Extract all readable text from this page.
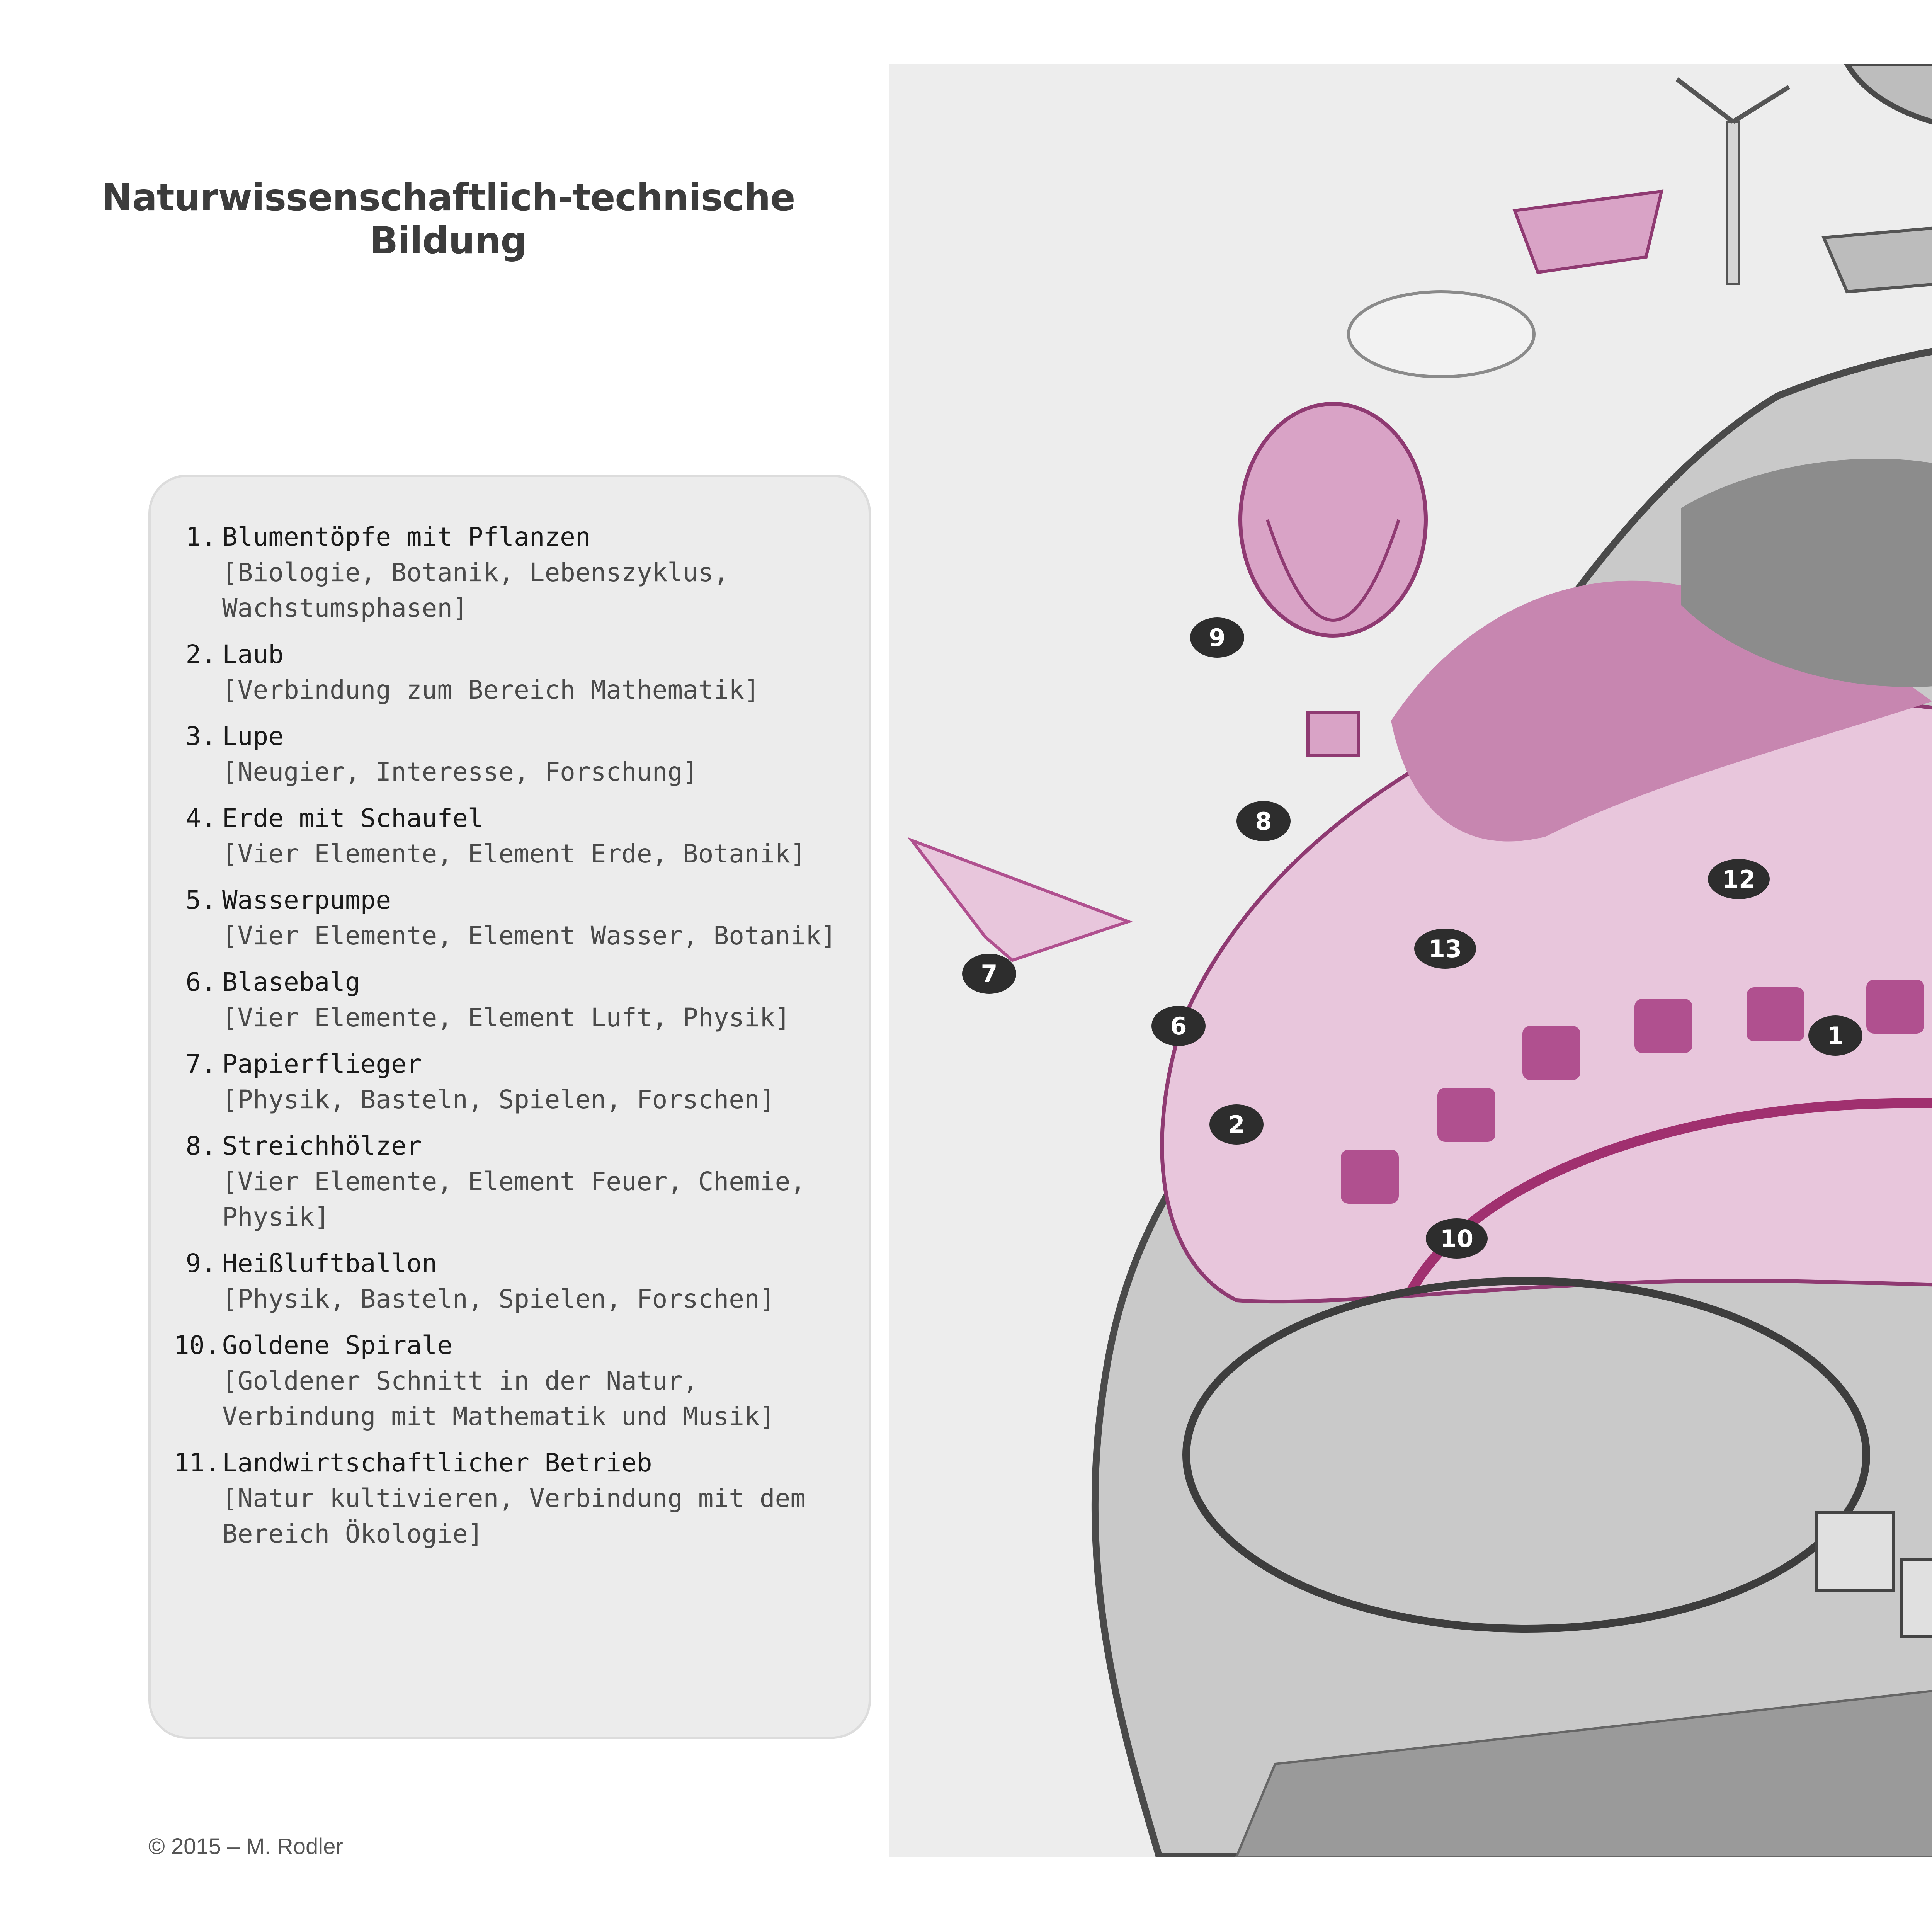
Naturwissenschaftlich-technische
Bildung
1. Blumentöpfe mit Pflanzen
[Biologie, Botanik, Lebenszyklus, Wachstumsphasen]
2. Laub
[Verbindung zum Bereich Mathematik]
3. Lupe
[Neugier, Interesse, Forschung]
4. Erde mit Schaufel
[Vier Elemente, Element Erde, Botanik]
5. Wasserpumpe
[Vier Elemente, Element Wasser, Botanik]
6. Blasebalg
[Vier Elemente, Element Luft, Physik]
7. Papierflieger
[Physik, Basteln, Spielen, Forschen]
8. Streichhölzer
[Vier Elemente, Element Feuer, Chemie, Physik]
9. Heißluftballon
[Physik, Basteln, Spielen, Forschen]
10. Goldene Spirale
[Goldener Schnitt in der Natur, Verbindung mit Mathematik und Musik]
11. Landwirtschaftlicher Betrieb
[Natur kultivieren, Verbindung mit dem Bereich Ökologie]
© 2015 – M. Rodler
1
2
6
7
8
9
10
12
13
